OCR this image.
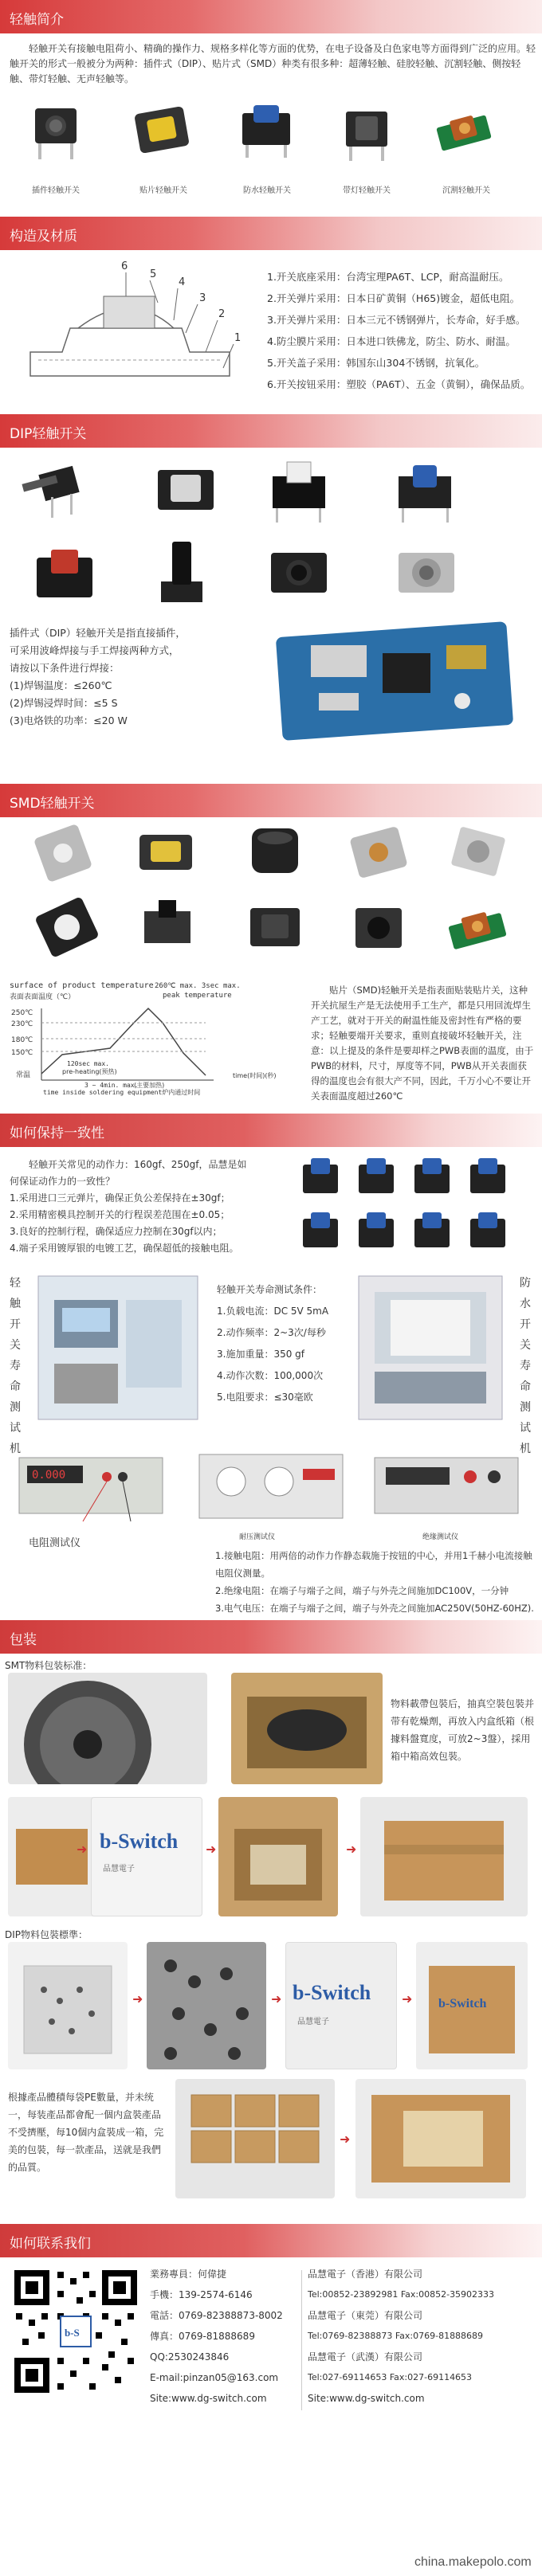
轻触简介
轻触开关有接触电阻荷小、精确的操作力、规格多样化等方面的优势，在电子设备及白色家电等方面得到广泛的应用。轻触开关的形式一般被分为两种：插件式（DIP）、贴片式（SMD）种类有很多种：超薄轻触、硅胶轻触、沉割轻触、侧按轻触、带灯轻触、无声轻触等。
插件轻触开关	贴片轻触开关	防水轻触开关	带灯轻触开关	沉割轻触开关
构造及材质
6
5
4
3
2
1
1.开关底座采用：台湾宝理PA6T、LCP，耐高温耐压。
2.开关弹片采用：日本日矿黄铜（H65)镀金，超低电阻。
3.开关弹片采用：日本三元不锈钢弹片，长寿命，好手感。
4.防尘膜片采用：日本进口铁佛龙，防尘、防水、耐温。
5.开关盖子采用：韩国东山304不锈钢，抗氧化。
6.开关按钮采用：塑胶（PA6T）、五金（黄铜），确保品质。
DIP轻触开关
插件式（DIP）轻触开关是指直接插件，
可采用波峰焊接与手工焊接两种方式，
请按以下条件进行焊接：
(1)焊锡温度：≤260℃
(2)焊锡浸焊时间：≤5 S
(3)电烙铁的功率：≤20 W
SMD轻触开关
surface of product temperature
表面表面温度（℃）
250℃
230℃
180℃
150℃
常温
260℃ max. 3sec max.
peak temperature
120sec max.
pre-heating(预热)
3 ~ 4min. max.
(主要加热)
time(时间)(秒)
time inside soldering equipment炉内通过时间
贴片（SMD)轻触开关是指表面贴装贴片关，这种开关抗屋生产是无法使用手工生产，都是只用回流焊生产工艺，就对于开关的耐温性能及密封性有严格的要求；轻触要端开关要求，重则直接破坏轻触开关，注意：以上提及的条件是要却样之PWB表面的温度，由于PWB的材料，尺寸，厚度等不同，PWB从开关表面获得的温度也会有很大产不同，因此，千万小心不要让开关表面温度超过260℃
如何保持一致性
轻触开关常见的动作力：160gf、250gf，品慧是如
何保证动作力的一致性？
1.采用进口三元弹片，确保正负公差保持在±30gf；
2.采用精密模具控制开关的行程误差范围在±0.05；
3.良好的控制行程，确保适应力控制在30gf以内；
4.端子采用镀厚银的电镀工艺，确保超低的接触电阻。
轻触开关寿命测试机
轻触开关寿命测试条件：
1.负载电流：DC 5V 5mA
2.动作频率：2~3次/每秒
3.施加重量：350 gf
4.动作次数：100,000次
5.电阻要求：≤30毫欧
防水开关寿命测试机
0.000
电阻测试仪	耐压测试仪	绝缘测试仪
1.接触电阻：用两倍的动作力作静态载施于按钮的中心，并用1千赫小电流接触电阻仪测量。
2.绝缘电阻：在端子与端子之间，端子与外壳之间施加DC100V，一分钟
3.电气电压：在端子与端子之间，端子与外壳之间施加AC250V(50HZ-60HZ).
包装
SMT物料包装标准：
物料載帶包裝后，抽真空裝包裝并带有乾燥劑，再放入内盒纸箱（根據料盤寬度，可放2~3盤），採用箱中箱高效包裝。
➜ b-Switch
品慧電子
➜	➜
DIP物料包裝標準：
➜	➜ b-Switch
品慧電子
➜ b-Switch
根據產品體積每袋PE數量，并未统一，每装產品都會配一個内盒裝產品不受擠壓，每10個内盒裝成一箱，完美的包裝，每一款產品，送就是我們的品質。
➜
如何联系我们
b-S
業務專員：何偉捷
手機：139-2574-6146
電話：0769-82388873-8002
傳真：0769-81888689
QQ:2530243846
E-mail:pinzan05@163.com
Site:www.dg-switch.com
品慧電子（香港）有限公司
Tel:00852-23892981 Fax:00852-35902333
品慧電子（東莞）有限公司
Tel:0769-82388873 Fax:0769-81888689
品慧電子（武漢）有限公司
Tel:027-69114653 Fax:027-69114653
Site:www.dg-switch.com
china.makepolo.com
